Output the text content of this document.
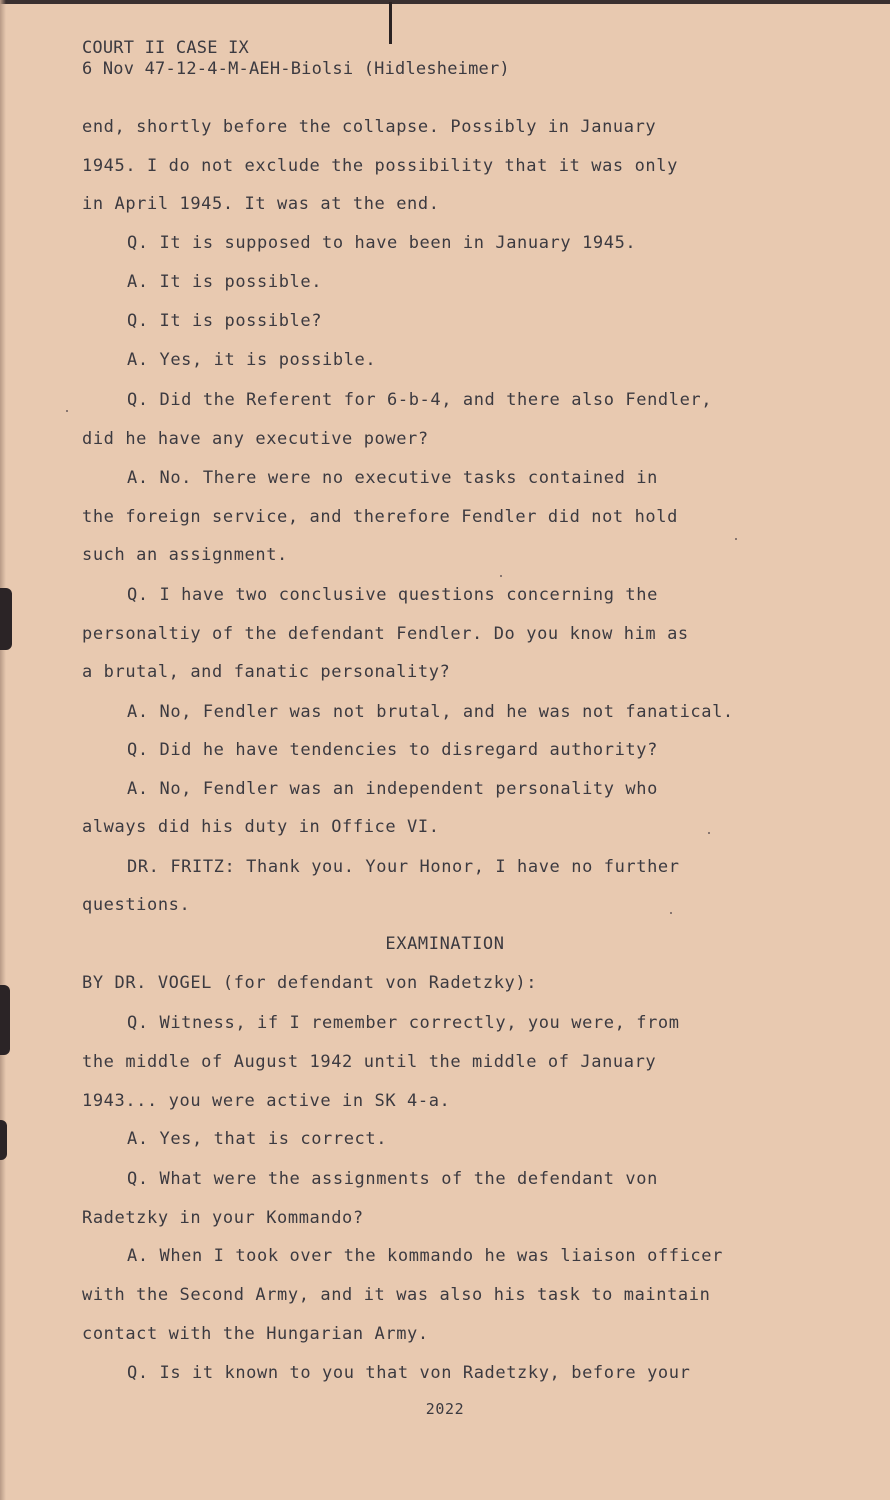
COURT II CASE IX
6 Nov 47-12-4-M-AEH-Biolsi (Hidlesheimer)
end, shortly before the collapse. Possibly in January
1945. I do not exclude the possibility that it was only
in April 1945. It was at the end.
Q. It is supposed to have been in January 1945.
A. It is possible.
Q. It is possible?
A. Yes, it is possible.
Q. Did the Referent for 6-b-4, and there also Fendler,
did he have any executive power?
A. No. There were no executive tasks contained in
the foreign service, and therefore Fendler did not hold
such an assignment.
Q. I have two conclusive questions concerning the
personaltiy of the defendant Fendler. Do you know him as
a brutal, and fanatic personality?
A. No, Fendler was not brutal, and he was not fanatical.
Q. Did he have tendencies to disregard authority?
A. No, Fendler was an independent personality who
always did his duty in Office VI.
DR. FRITZ: Thank you. Your Honor, I have no further
questions.
EXAMINATION
BY DR. VOGEL (for defendant von Radetzky):
Q. Witness, if I remember correctly, you were, from
the middle of August 1942 until the middle of January
1943... you were active in SK 4-a.
A. Yes, that is correct.
Q. What were the assignments of the defendant von
Radetzky in your Kommando?
A. When I took over the kommando he was liaison officer
with the Second Army, and it was also his task to maintain
contact with the Hungarian Army.
Q. Is it known to you that von Radetzky, before your
2022
